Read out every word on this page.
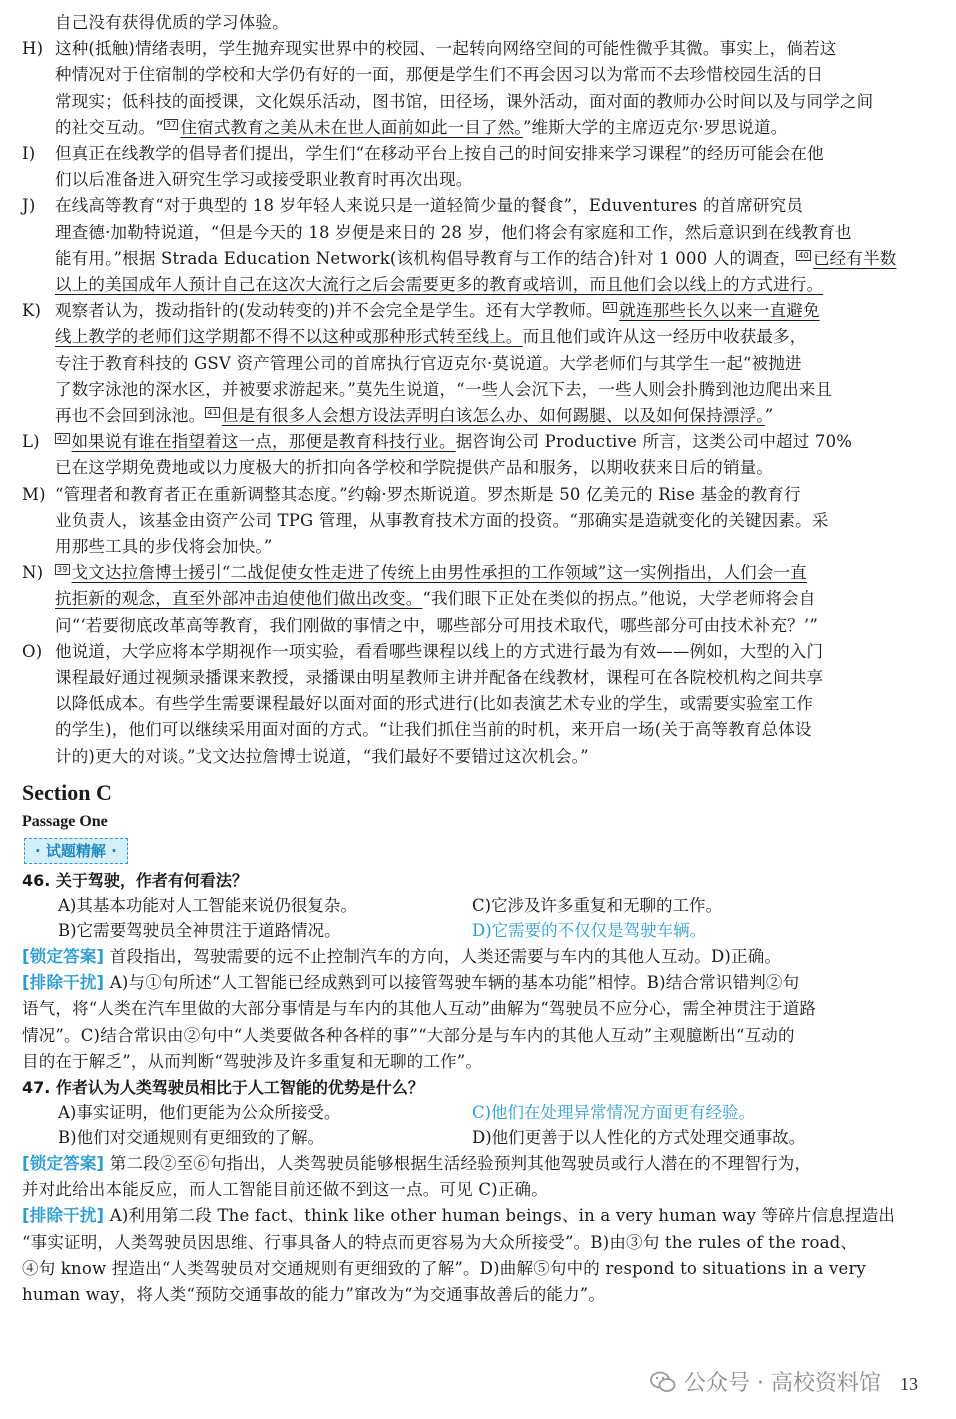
自己没有获得优质的学习体验。
H) 这种(抵触)情绪表明，学生抛弃现实世界中的校园、一起转向网络空间的可能性微乎其微。事实上，倘若这
种情况对于住宿制的学校和大学仍有好的一面，那便是学生们不再会因习以为常而不去珍惜校园生活的日
常现实；低科技的面授课，文化娱乐活动，图书馆，田径场，课外活动，面对面的教师办公时间以及与同学之间
的社交互动。“ 37 住宿式教育之美从未在世人面前如此一目了然。”维斯大学的主席迈克尔·罗思说道。
I) 但真正在线教学的倡导者们提出，学生们“在移动平台上按自己的时间安排来学习课程”的经历可能会在他
们以后准备进入研究生学习或接受职业教育时再次出现。
J) 在线高等教育“对于典型的 18 岁年轻人来说只是一道轻简少量的餐食”，Eduventures 的首席研究员
理查德·加勒特说道，“但是今天的 18 岁便是来日的 28 岁，他们将会有家庭和工作，然后意识到在线教育也
能有用。”根据 Strada Education Network(该机构倡导教育与工作的结合)针对 1 000 人的调查， 40 已经有半数
以上的美国成年人预计自己在这次大流行之后会需要更多的教育或培训，而且他们会以线上的方式进行。
K) 观察者认为，拨动指针的(发动转变的)并不会完全是学生。还有大学教师。 41 就连那些长久以来一直避免
线上教学的老师们这学期都不得不以这种或那种形式转至线上。而且他们或许从这一经历中收获最多，
专注于教育科技的 GSV 资产管理公司的首席执行官迈克尔·莫说道。大学老师们与其学生一起“被抛进
了数字泳池的深水区，并被要求游起来。”莫先生说道，“一些人会沉下去，一些人则会扑腾到池边爬出来且
再也不会回到泳池。 41 但是有很多人会想方设法弄明白该怎么办、如何踢腿、以及如何保持漂浮。”
L) 42 如果说有谁在指望着这一点，那便是教育科技行业。据咨询公司 Productive 所言，这类公司中超过 70%
已在这学期免费地或以力度极大的折扣向各学校和学院提供产品和服务，以期收获来日后的销量。
M) “管理者和教育者正在重新调整其态度。”约翰·罗杰斯说道。罗杰斯是 50 亿美元的 Rise 基金的教育行
业负责人，该基金由资产公司 TPG 管理，从事教育技术方面的投资。“那确实是造就变化的关键因素。采
用那些工具的步伐将会加快。”
N) 39 戈文达拉詹博士援引“二战促使女性走进了传统上由男性承担的工作领域”这一实例指出，人们会一直
抗拒新的观念，直至外部冲击迫使他们做出改变。“我们眼下正处在类似的拐点。”他说，大学老师将会自
问“‘若要彻底改革高等教育，我们刚做的事情之中，哪些部分可用技术取代，哪些部分可由技术补充？’”
O) 他说道，大学应将本学期视作一项实验，看看哪些课程以线上的方式进行最为有效——例如，大型的入门
课程最好通过视频录播课来教授，录播课由明星教师主讲并配备在线教材，课程可在各院校机构之间共享
以降低成本。有些学生需要课程最好以面对面的形式进行(比如表演艺术专业的学生，或需要实验室工作
的学生)，他们可以继续采用面对面的方式。“让我们抓住当前的时机，来开启一场(关于高等教育总体设
计的)更大的对谈。”戈文达拉詹博士说道，“我们最好不要错过这次机会。”
Section C
Passage One
· 试题精解 ·
46. 关于驾驶，作者有何看法？
A)其基本功能对人工智能来说仍很复杂。	C)它涉及许多重复和无聊的工作。
B)它需要驾驶员全神贯注于道路情况。	D)它需要的不仅仅是驾驶车辆。
[锁定答案] 首段指出，驾驶需要的远不止控制汽车的方向，人类还需要与车内的其他人互动。D)正确。
[排除干扰] A)与①句所述“人工智能已经成熟到可以接管驾驶车辆的基本功能”相悖。B)结合常识错判②句
语气，将“人类在汽车里做的大部分事情是与车内的其他人互动”曲解为“驾驶员不应分心，需全神贯注于道路
情况”。C)结合常识由②句中“人类要做各种各样的事”“大部分是与车内的其他人互动”主观臆断出“互动的
目的在于解乏”，从而判断“驾驶涉及许多重复和无聊的工作”。
47. 作者认为人类驾驶员相比于人工智能的优势是什么？
A)事实证明，他们更能为公众所接受。	C)他们在处理异常情况方面更有经验。
B)他们对交通规则有更细致的了解。	D)他们更善于以人性化的方式处理交通事故。
[锁定答案] 第二段②至⑥句指出，人类驾驶员能够根据生活经验预判其他驾驶员或行人潜在的不理智行为，
并对此给出本能反应，而人工智能目前还做不到这一点。可见 C)正确。
[排除干扰] A)利用第二段 The fact、think like other human beings、in a very human way 等碎片信息捏造出
“事实证明，人类驾驶员因思维、行事具备人的特点而更容易为大众所接受”。B)由③句 the rules of the road、
④句 know 捏造出“人类驾驶员对交通规则有更细致的了解”。D)曲解⑤句中的 respond to situations in a very
human way，将人类“预防交通事故的能力”窜改为“为交通事故善后的能力”。
公众号 · 高校资料馆 13
